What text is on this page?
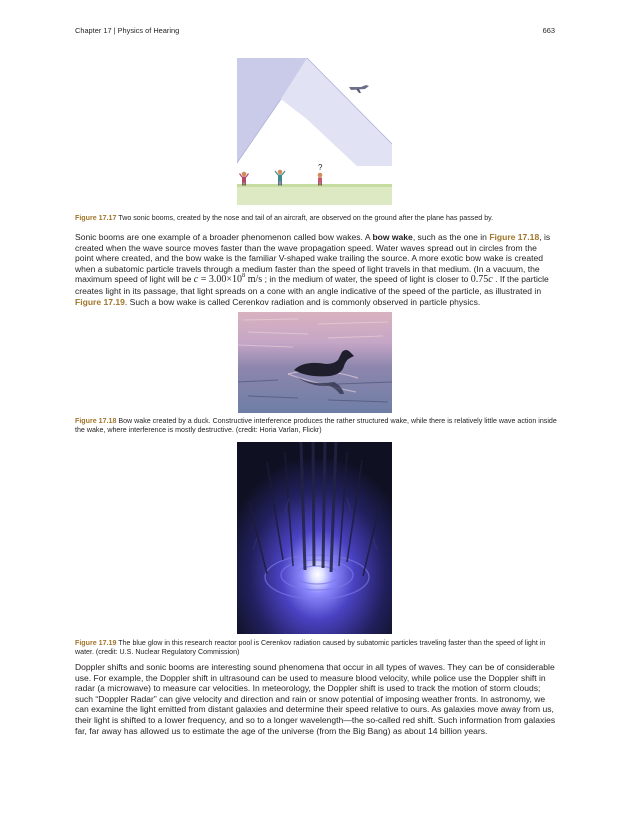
Chapter 17 | Physics of Hearing	663
?
Figure 17.17 Two sonic booms, created by the nose and tail of an aircraft, are observed on the ground after the plane has passed by.
Sonic booms are one example of a broader phenomenon called bow wakes. A bow wake, such as the one in Figure 17.18, is created when the wave source moves faster than the wave propagation speed. Water waves spread out in circles from the point where created, and the bow wake is the familiar V-shaped wake trailing the source. A more exotic bow wake is created when a subatomic particle travels through a medium faster than the speed of light travels in that medium. (In a vacuum, the maximum speed of light will be $c = 3.00\times 10^8$ m/s ; in the medium of water, the speed of light is closer to 0.75c . If the particle creates light in its passage, that light spreads on a cone with an angle indicative of the speed of the particle, as illustrated in Figure 17.19. Such a bow wake is called Cerenkov radiation and is commonly observed in particle physics.
Figure 17.18 Bow wake created by a duck. Constructive interference produces the rather structured wake, while there is relatively little wave action inside the wake, where interference is mostly destructive. (credit: Horia Varlan, Flickr)
Figure 17.19 The blue glow in this research reactor pool is Cerenkov radiation caused by subatomic particles traveling faster than the speed of light in water. (credit: U.S. Nuclear Regulatory Commission)
Doppler shifts and sonic booms are interesting sound phenomena that occur in all types of waves. They can be of considerable use. For example, the Doppler shift in ultrasound can be used to measure blood velocity, while police use the Doppler shift in radar (a microwave) to measure car velocities. In meteorology, the Doppler shift is used to track the motion of storm clouds; such “Doppler Radar” can give velocity and direction and rain or snow potential of imposing weather fronts. In astronomy, we can examine the light emitted from distant galaxies and determine their speed relative to ours. As galaxies move away from us, their light is shifted to a lower frequency, and so to a longer wavelength—the so-called red shift. Such information from galaxies far, far away has allowed us to estimate the age of the universe (from the Big Bang) as about 14 billion years.
